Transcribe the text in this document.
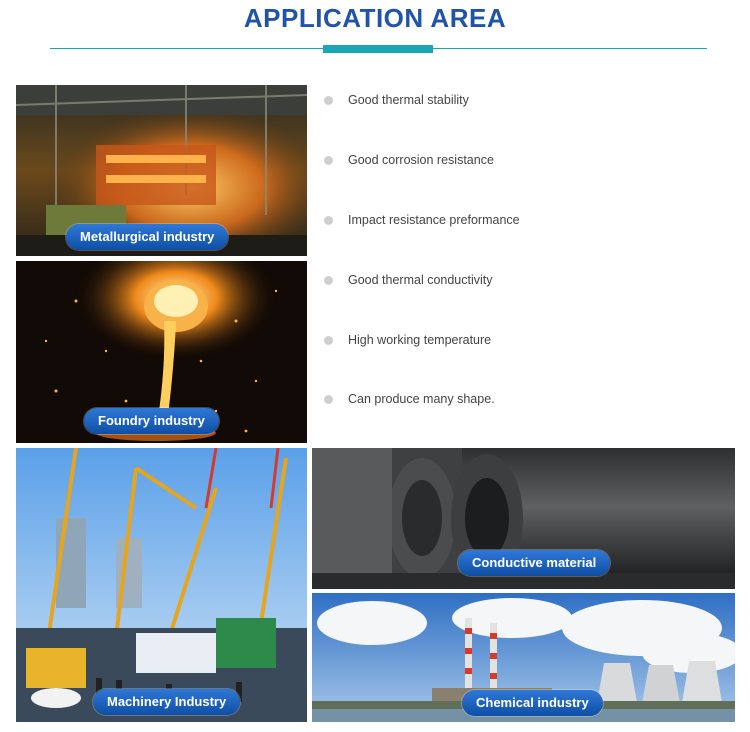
APPLICATION AREA
Metallurgical industry
Foundry industry
Machinery Industry
Conductive material
Chemical industry
Good thermal stability
Good corrosion resistance
Impact resistance preformance
Good thermal conductivity
High working temperature
Can produce many shape.
